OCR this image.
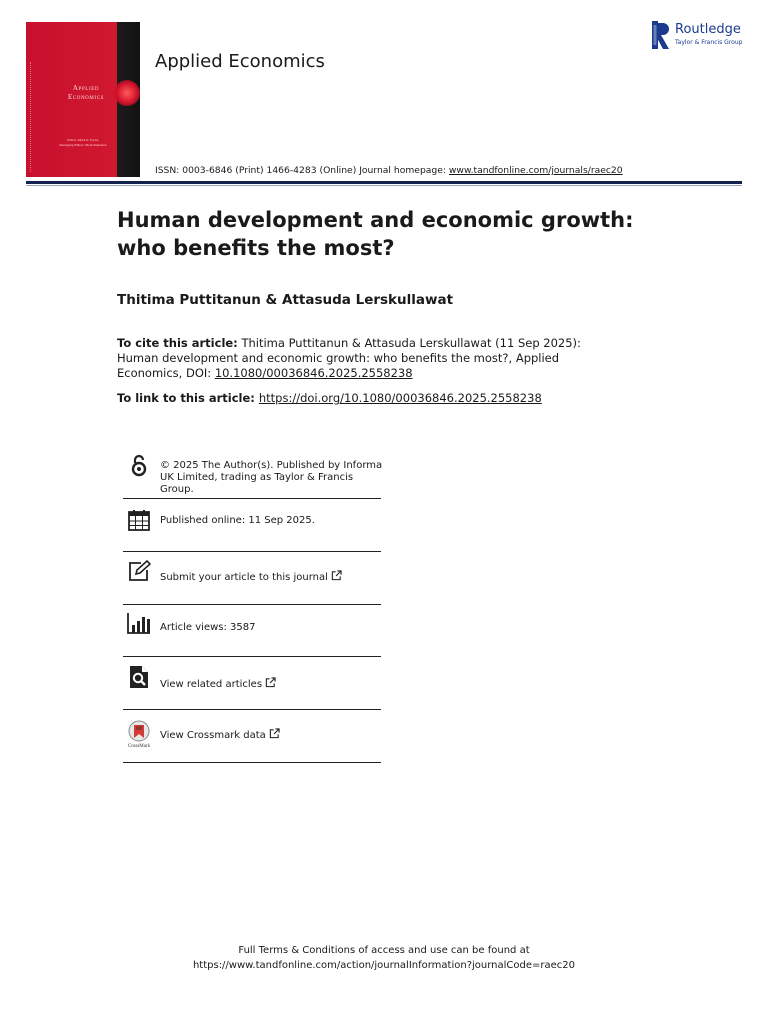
Applied
Economics
Editor: Mark P. Taylor
Managing Editor: Mark Ramsden
Applied Economics
Routledge
Taylor & Francis Group
ISSN: 0003-6846 (Print) 1466-4283 (Online) Journal homepage: www.tandfonline.com/journals/raec20
Human development and economic growth: who benefits the most?
Thitima Puttitanun & Attasuda Lerskullawat
To cite this article: Thitima Puttitanun & Attasuda Lerskullawat (11 Sep 2025): Human development and economic growth: who benefits the most?, Applied Economics, DOI: 10.1080/00036846.2025.2558238
To link to this article: https://doi.org/10.1080/00036846.2025.2558238
© 2025 The Author(s). Published by Informa UK Limited, trading as Taylor & Francis Group.
Published online: 11 Sep 2025.
Submit your article to this journal
Article views: 3587
View related articles
CrossMark
View Crossmark data
Full Terms & Conditions of access and use can be found at
https://www.tandfonline.com/action/journalInformation?journalCode=raec20
